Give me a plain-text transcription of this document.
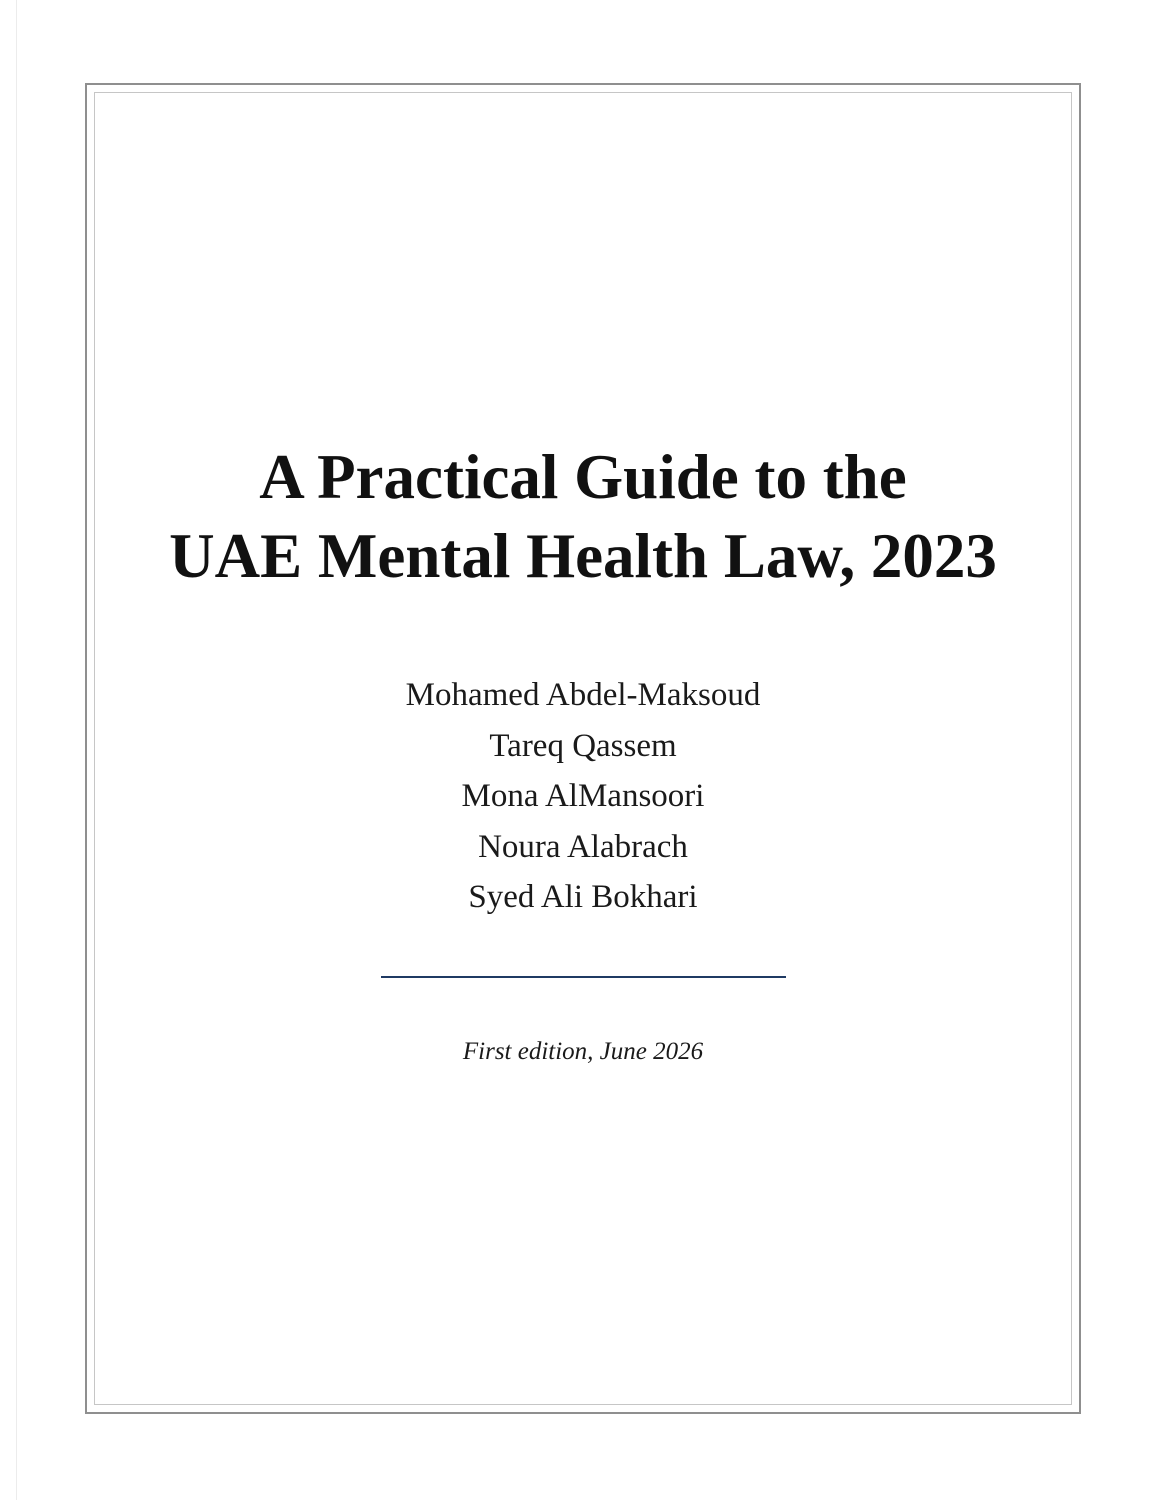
A Practical Guide to the
UAE Mental Health Law, 2023
Mohamed Abdel-Maksoud
Tareq Qassem
Mona AlMansoori
Noura Alabrach
Syed Ali Bokhari

First edition, June 2026
